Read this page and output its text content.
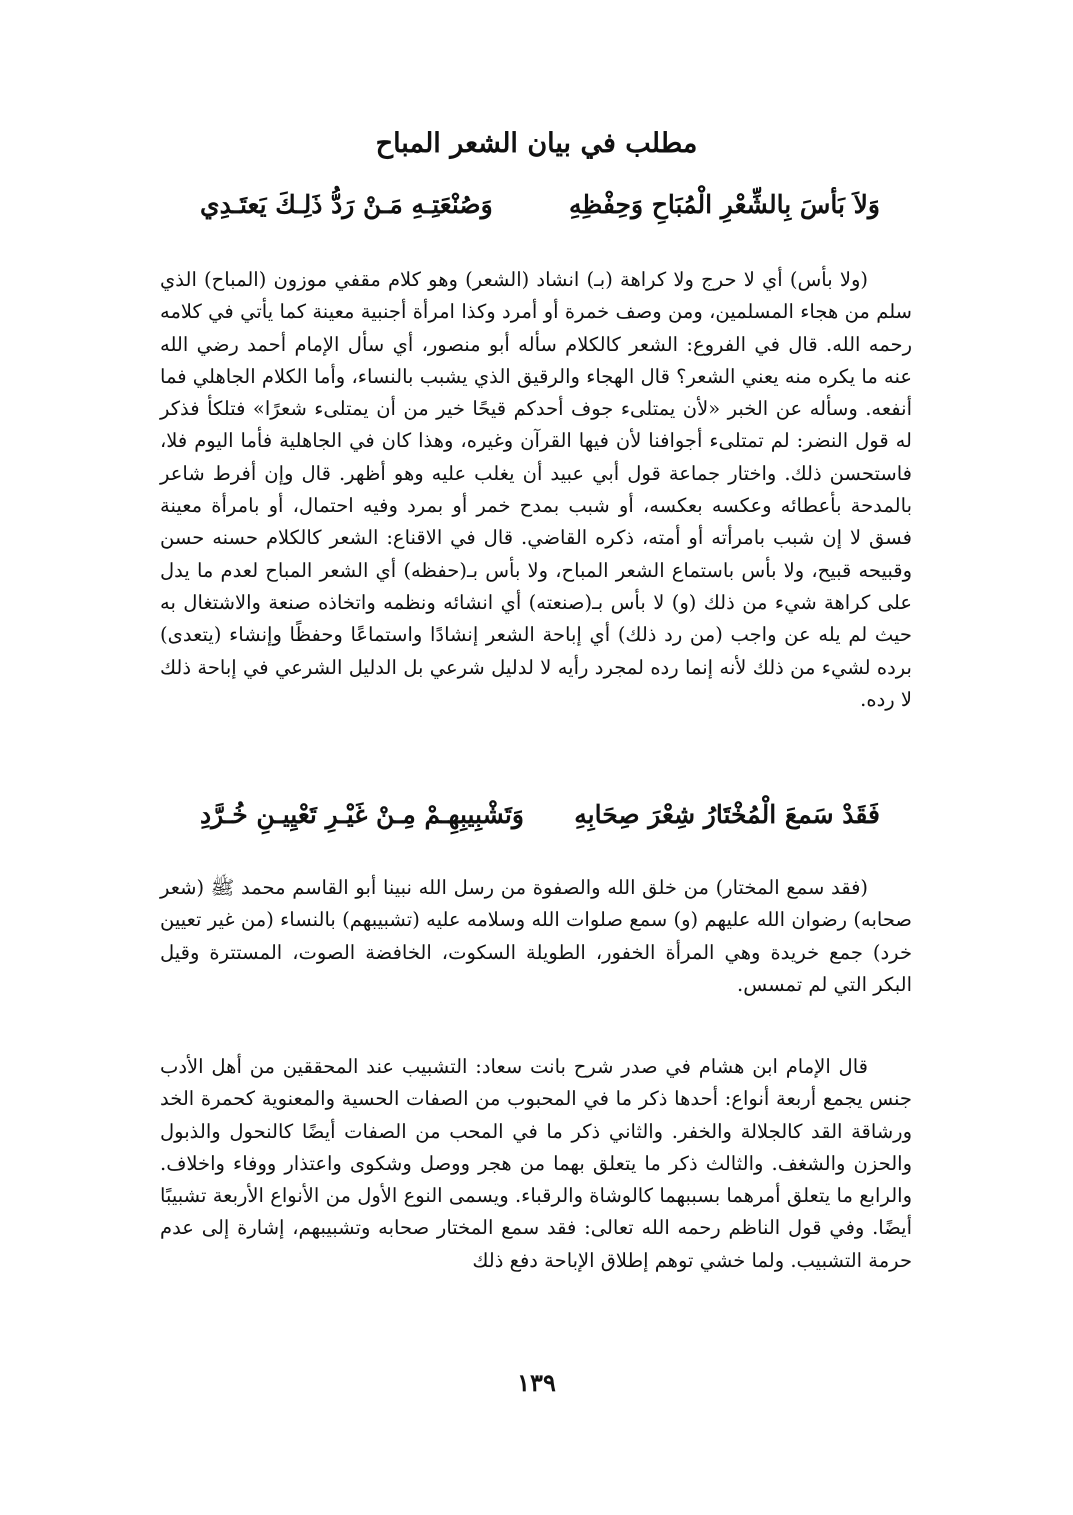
مطلب في بيان الشعر المباح
وَلاَ بَأسَ بِالشِّعْرِ الْمُبَاحِ وَحِفْظِهِ
وَصُنْعَتِـهِ مَـنْ رَدُّ ذَلِـكَ يَعتَـدِي

(ولا بأس) أي لا حرج ولا كراهة (بـ) انشاد (الشعر) وهو كلام مقفي موزون (المباح) الذي سلم من هجاء المسلمين، ومن وصف خمرة أو أمرد وكذا امرأة أجنبية معينة كما يأتي في كلامه رحمه الله. قال في الفروع: الشعر كالكلام سأله أبو منصور، أي سأل الإمام أحمد رضي الله عنه ما يكره منه يعني الشعر؟ قال الهجاء والرقيق الذي يشبب بالنساء، وأما الكلام الجاهلي فما أنفعه. وسأله عن الخبر «لأن يمتلىء جوف أحدكم قيحًا خير من أن يمتلىء شعرًا» فتلكأ فذكر له قول النضر: لم تمتلىء أجوافنا لأن فيها القرآن وغيره، وهذا كان في الجاهلية فأما اليوم فلا، فاستحسن ذلك. واختار جماعة قول أبي عبيد أن يغلب عليه وهو أظهر. قال وإن أفرط شاعر بالمدحة بأعطائه وعكسه بعكسه، أو شبب بمدح خمر أو بمرد وفيه احتمال، أو بامرأة معينة فسق لا إن شبب بامرأته أو أمته، ذكره القاضي. قال في الاقناع: الشعر كالكلام حسنه حسن وقبيحه قبيح، ولا بأس باستماع الشعر المباح، ولا بأس بـ(حفظه) أي الشعر المباح لعدم ما يدل على كراهة شيء من ذلك (و) لا بأس بـ(صنعته) أي انشائه ونظمه واتخاذه صنعة والاشتغال به حيث لم يله عن واجب (من رد ذلك) أي إباحة الشعر إنشادًا واستماعًا وحفظًا وإنشاء (يتعدى) برده لشيء من ذلك لأنه إنما رده لمجرد رأيه لا لدليل شرعي بل الدليل الشرعي في إباحة ذلك لا رده.

فَقَدْ سَمعَ الْمُخْتَارُ شِعْرَ صِحَابِهِ
وَتَشْبِيبِهِـمْ مِـنْ غَيْـرِ تَعْيِيـنِ خُـرَّدِ

(فقد سمع المختار) من خلق الله والصفوة من رسل الله نبينا أبو القاسم محمد ﷺ (شعر صحابه) رضوان الله عليهم (و) سمع صلوات الله وسلامه عليه (تشبيبهم) بالنساء (من غير تعيين خرد) جمع خريدة وهي المرأة الخفور، الطويلة السكوت، الخافضة الصوت، المستترة وقيل البكر التي لم تمسس.

قال الإمام ابن هشام في صدر شرح بانت سعاد: التشبيب عند المحققين من أهل الأدب جنس يجمع أربعة أنواع: أحدها ذكر ما في المحبوب من الصفات الحسية والمعنوية كحمرة الخد ورشاقة القد كالجلالة والخفر. والثاني ذكر ما في المحب من الصفات أيضًا كالنحول والذبول والحزن والشغف. والثالث ذكر ما يتعلق بهما من هجر ووصل وشكوى واعتذار ووفاء واخلاف. والرابع ما يتعلق أمرهما بسببهما كالوشاة والرقباء. ويسمى النوع الأول من الأنواع الأربعة تشبيبًا أيضًا. وفي قول الناظم رحمه الله تعالى: فقد سمع المختار صحابه وتشبيبهم، إشارة إلى عدم حرمة التشبيب. ولما خشي توهم إطلاق الإباحة دفع ذلك

١٣٩
